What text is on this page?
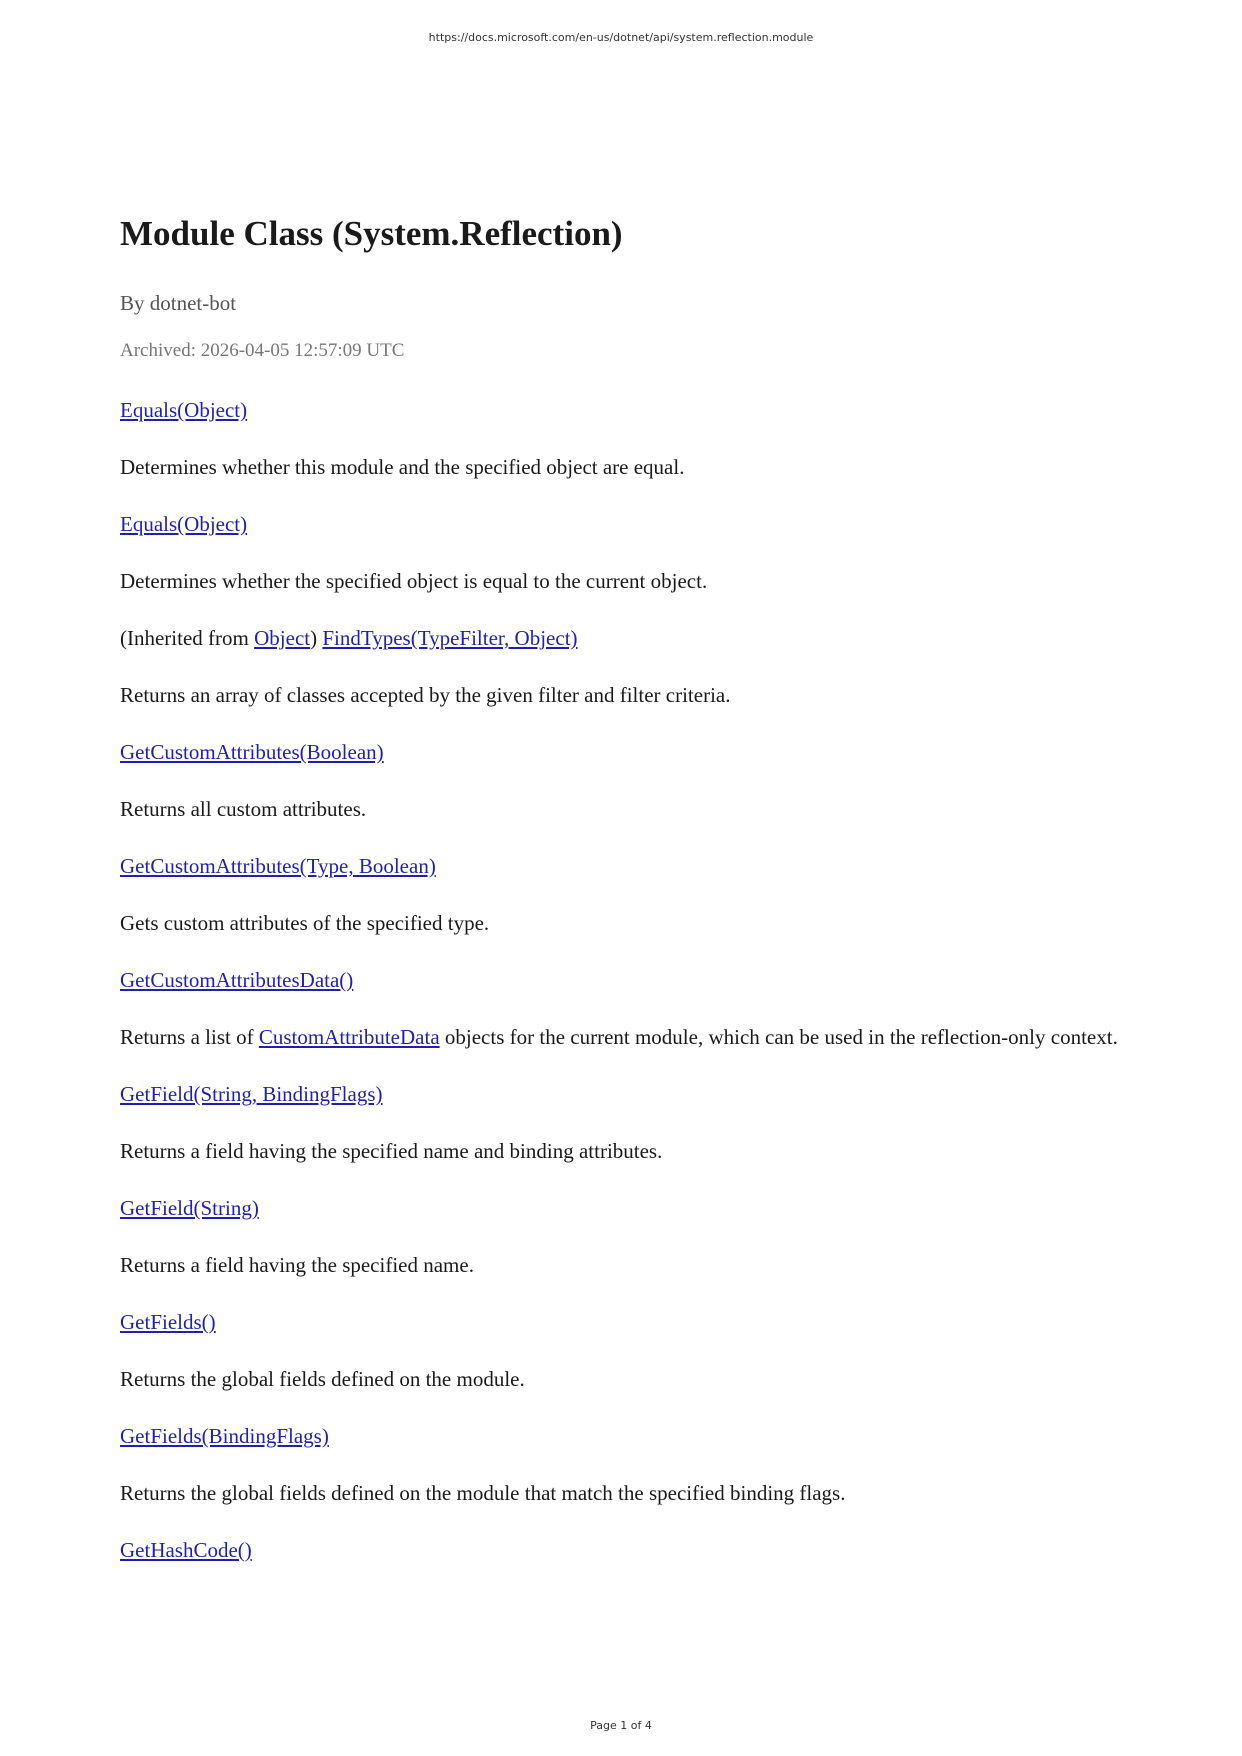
https://docs.microsoft.com/en-us/dotnet/api/system.reflection.module
Module Class (System.Reflection)
By dotnet-bot
Archived: 2026-04-05 12:57:09 UTC

Equals(Object)

Determines whether this module and the specified object are equal.

Equals(Object)

Determines whether the specified object is equal to the current object.

(Inherited from Object) FindTypes(TypeFilter, Object)

Returns an array of classes accepted by the given filter and filter criteria.

GetCustomAttributes(Boolean)

Returns all custom attributes.

GetCustomAttributes(Type, Boolean)

Gets custom attributes of the specified type.

GetCustomAttributesData()

Returns a list of CustomAttributeData objects for the current module, which can be used in the reflection-only context.

GetField(String, BindingFlags)

Returns a field having the specified name and binding attributes.

GetField(String)

Returns a field having the specified name.

GetFields()

Returns the global fields defined on the module.

GetFields(BindingFlags)

Returns the global fields defined on the module that match the specified binding flags.

GetHashCode()

Page 1 of 4
